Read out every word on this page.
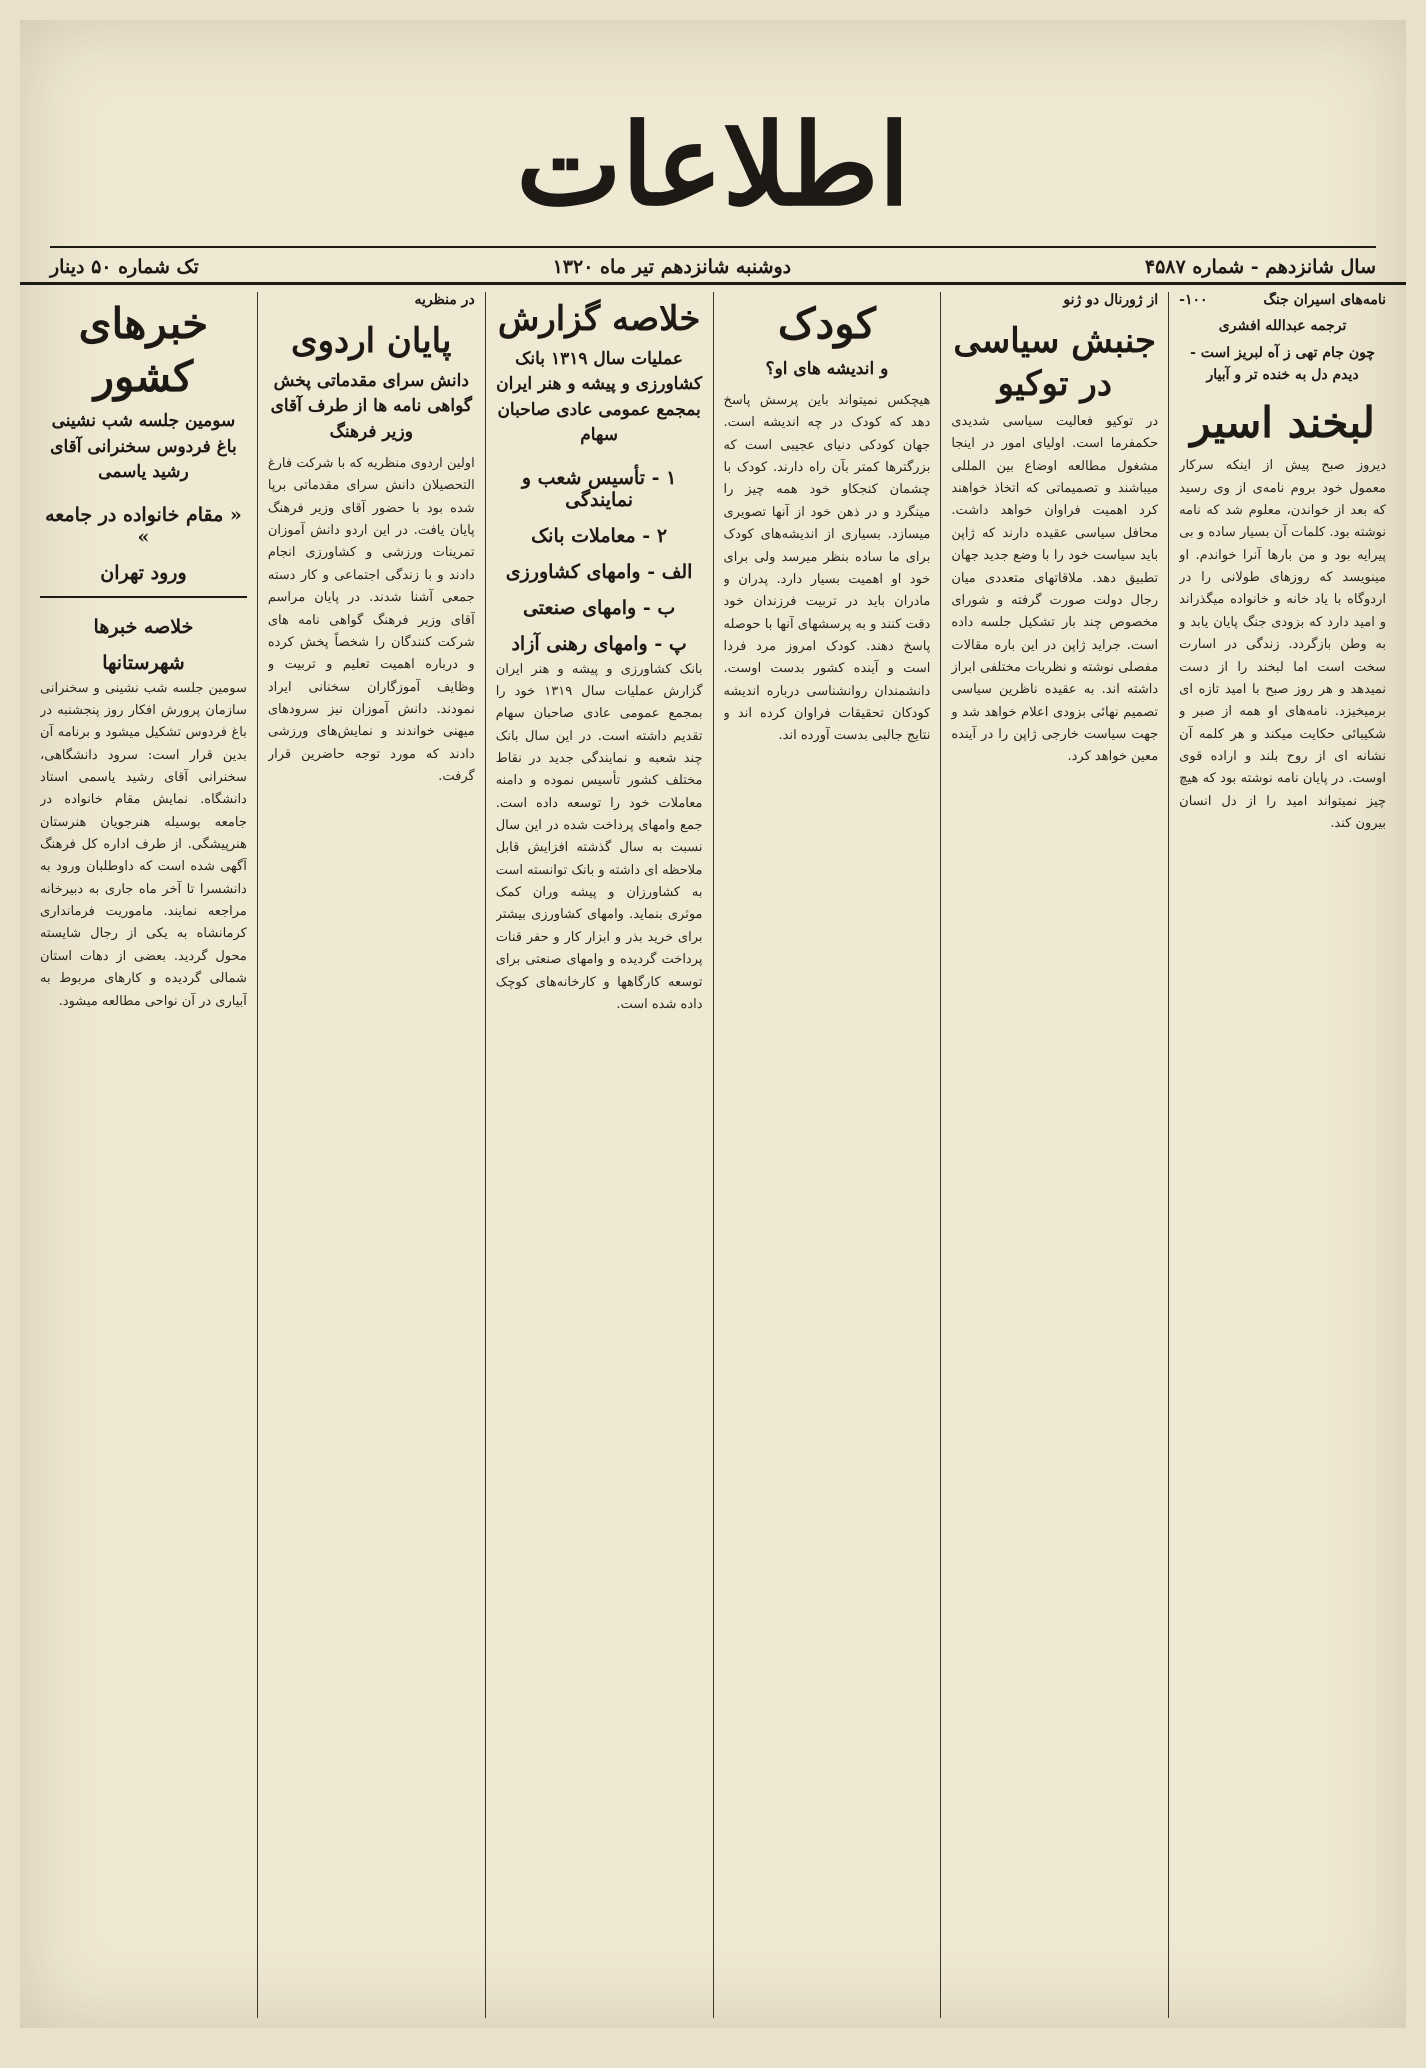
اطلاعات
سال شانزدهم - شماره ۴۵۸۷
دوشنبه شانزدهم تیر ماه ۱۳۲۰
تک شماره ۵۰ دینار
نامه‌های اسیران جنگ
۱۰۰-
ترجمه عبدالله افشری
چون جام تهی ز آه لبریز است - دیدم دل به خنده تر و آبیار
لبخند اسیر
دیروز صبح پیش از اینکه سرکار معمول خود بروم نامه‌ی از وی رسید که بعد از خواندن، معلوم شد که نامه نوشته بود. کلمات آن بسیار ساده و بی پیرایه بود و من بارها آنرا خواندم. او مینویسد که روزهای طولانی را در اردوگاه با یاد خانه و خانواده میگذراند و امید دارد که بزودی جنگ پایان یابد و به وطن بازگردد. زندگی در اسارت سخت است اما لبخند را از دست نمیدهد و هر روز صبح با امید تازه ای برمیخیزد. نامه‌های او همه از صبر و شکیبائی حکایت میکند و هر کلمه آن نشانه ای از روح بلند و اراده قوی اوست. در پایان نامه نوشته بود که هیچ چیز نمیتواند امید را از دل انسان بیرون کند.
از ژورنال دو ژنو
جنبش سیاسی در توکیو
در توکیو فعالیت سیاسی شدیدی حکمفرما است. اولیای امور در اینجا مشغول مطالعه اوضاع بین المللی میباشند و تصمیماتی که اتخاذ خواهند کرد اهمیت فراوان خواهد داشت. محافل سیاسی عقیده دارند که ژاپن باید سیاست خود را با وضع جدید جهان تطبیق دهد. ملاقاتهای متعددی میان رجال دولت صورت گرفته و شورای مخصوص چند بار تشکیل جلسه داده است. جراید ژاپن در این باره مقالات مفصلی نوشته و نظریات مختلفی ابراز داشته اند. به عقیده ناظرین سیاسی تصمیم نهائی بزودی اعلام خواهد شد و جهت سیاست خارجی ژاپن را در آینده معین خواهد کرد.
کودک
و اندیشه های او؟
هیچکس نمیتواند باین پرسش پاسخ دهد که کودک در چه اندیشه است. جهان کودکی دنیای عجیبی است که بزرگترها کمتر بآن راه دارند. کودک با چشمان کنجکاو خود همه چیز را مینگرد و در ذهن خود از آنها تصویری میسازد. بسیاری از اندیشه‌های کودک برای ما ساده بنظر میرسد ولی برای خود او اهمیت بسیار دارد. پدران و مادران باید در تربیت فرزندان خود دقت کنند و به پرسشهای آنها با حوصله پاسخ دهند. کودک امروز مرد فردا است و آینده کشور بدست اوست. دانشمندان روانشناسی درباره اندیشه کودکان تحقیقات فراوان کرده اند و نتایج جالبی بدست آورده اند.
خلاصه گزارش
عملیات سال ۱۳۱۹ بانک کشاورزی و پیشه و هنر ایران بمجمع عمومی عادی صاحبان سهام
۱ - تأسیس شعب و نمایندگی
۲ - معاملات بانک
الف - وامهای کشاورزی
ب - وامهای صنعتی
پ - وامهای رهنی آزاد
بانک کشاورزی و پیشه و هنر ایران گزارش عملیات سال ۱۳۱۹ خود را بمجمع عمومی عادی صاحبان سهام تقدیم داشته است. در این سال بانک چند شعبه و نمایندگی جدید در نقاط مختلف کشور تأسیس نموده و دامنه معاملات خود را توسعه داده است. جمع وامهای پرداخت شده در این سال نسبت به سال گذشته افزایش قابل ملاحظه ای داشته و بانک توانسته است به کشاورزان و پیشه وران کمک موثری بنماید. وامهای کشاورزی بیشتر برای خرید بذر و ابزار کار و حفر قنات پرداخت گردیده و وامهای صنعتی برای توسعه کارگاهها و کارخانه‌های کوچک داده شده است.
در منظریه
پایان اردوی
دانش سرای مقدماتی پخش گواهی نامه ها از طرف آقای وزیر فرهنگ
اولین اردوی منظریه که با شرکت فارغ التحصیلان دانش سرای مقدماتی برپا شده بود با حضور آقای وزیر فرهنگ پایان یافت. در این اردو دانش آموزان تمرینات ورزشی و کشاورزی انجام دادند و با زندگی اجتماعی و کار دسته جمعی آشنا شدند. در پایان مراسم آقای وزیر فرهنگ گواهی نامه های شرکت کنندگان را شخصاً پخش کرده و درباره اهمیت تعلیم و تربیت و وظایف آموزگاران سخنانی ایراد نمودند. دانش آموزان نیز سرودهای میهنی خواندند و نمایش‌های ورزشی دادند که مورد توجه حاضرین قرار گرفت.
خبرهای کشور
سومین جلسه شب نشینی باغ فردوس سخنرانی آقای رشید یاسمی
« مقام خانواده در جامعه »
ورود تهران
خلاصه خبرها
شهرستانها
سومین جلسه شب نشینی و سخنرانی سازمان پرورش افکار روز پنجشنبه در باغ فردوس تشکیل میشود و برنامه آن بدین قرار است: سرود دانشگاهی، سخنرانی آقای رشید یاسمی استاد دانشگاه. نمایش مقام خانواده در جامعه بوسیله هنرجویان هنرستان هنرپیشگی. از طرف اداره کل فرهنگ آگهی شده است که داوطلبان ورود به دانشسرا تا آخر ماه جاری به دبیرخانه مراجعه نمایند. ماموریت فرمانداری کرمانشاه به یکی از رجال شایسته محول گردید. بعضی از دهات استان شمالی گردیده و کارهای مربوط به آبیاری در آن نواحی مطالعه میشود.
